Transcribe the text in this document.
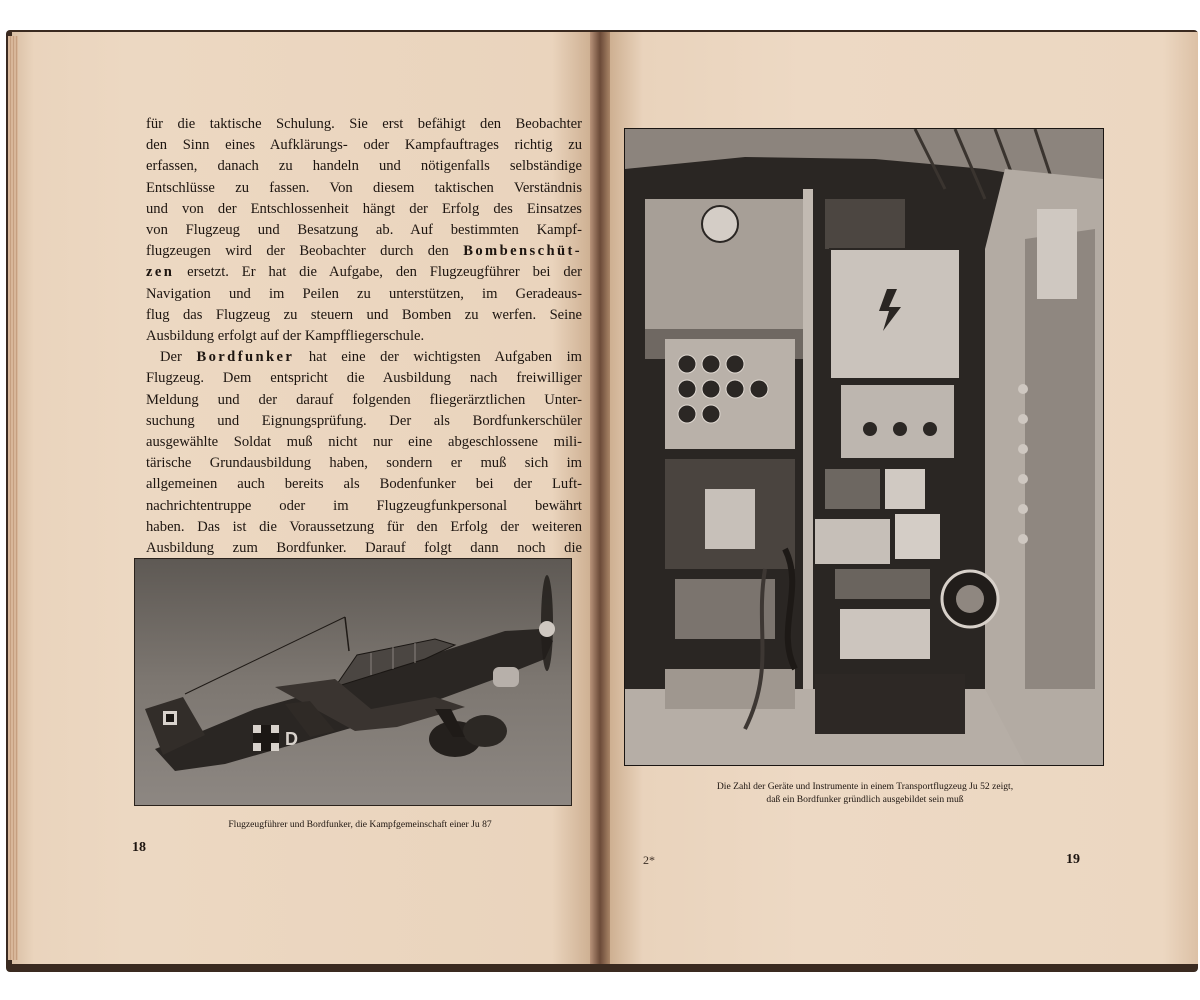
für die taktische Schulung. Sie erst befähigt den Beobachter
den Sinn eines Aufklärungs- oder Kampfauftrages richtig zu
erfassen, danach zu handeln und nötigenfalls selbständige
Entschlüsse zu fassen. Von diesem taktischen Verständnis
und von der Entschlossenheit hängt der Erfolg des Einsatzes
von Flugzeug und Besatzung ab. Auf bestimmten Kampf-
flugzeugen wird der Beobachter durch den Bombenschüt-
zen ersetzt. Er hat die Aufgabe, den Flugzeugführer bei der
Navigation und im Peilen zu unterstützen, im Geradeaus-
flug das Flugzeug zu steuern und Bomben zu werfen. Seine
Ausbildung erfolgt auf der Kampffliegerschule.
Der Bordfunker hat eine der wichtigsten Aufgaben im
Flugzeug. Dem entspricht die Ausbildung nach freiwilliger
Meldung und der darauf folgenden fliegerärztlichen Unter-
suchung und Eignungsprüfung. Der als Bordfunkerschüler
ausgewählte Soldat muß nicht nur eine abgeschlossene mili-
tärische Grundausbildung haben, sondern er muß sich im
allgemeinen auch bereits als Bodenfunker bei der Luft-
nachrichtentruppe oder im Flugzeugfunkpersonal bewährt
haben. Das ist die Voraussetzung für den Erfolg der weiteren
Ausbildung zum Bordfunker. Darauf folgt dann noch die
D
Flugzeugführer und Bordfunker, die Kampfgemeinschaft einer Ju 87
18
Die Zahl der Geräte und Instrumente in einem Transportflugzeug Ju 52 zeigt,
daß ein Bordfunker gründlich ausgebildet sein muß
2*	19
